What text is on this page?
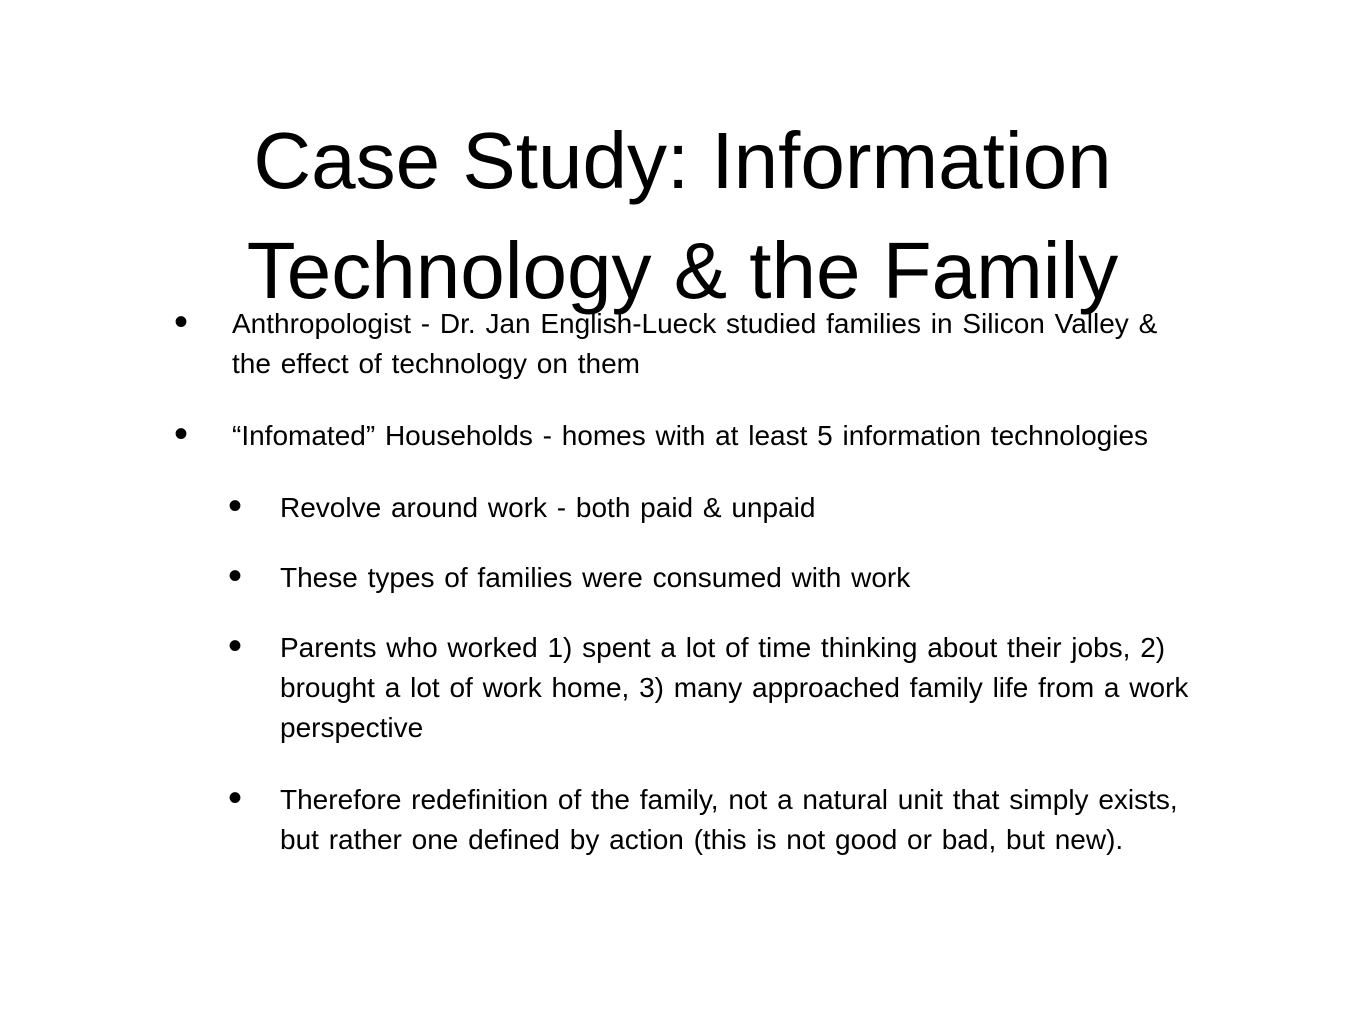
Case Study: Information
Technology & the Family
• Anthropologist - Dr. Jan English-Lueck studied families in Silicon Valley & the effect of technology on them
• “Infomated” Households - homes with at least 5 information technologies
• Revolve around work - both paid & unpaid
• These types of families were consumed with work
• Parents who worked 1) spent a lot of time thinking about their jobs, 2) brought a lot of work home, 3) many approached family life from a work perspective
• Therefore redefinition of the family, not a natural unit that simply exists, but rather one defined by action (this is not good or bad, but new).
